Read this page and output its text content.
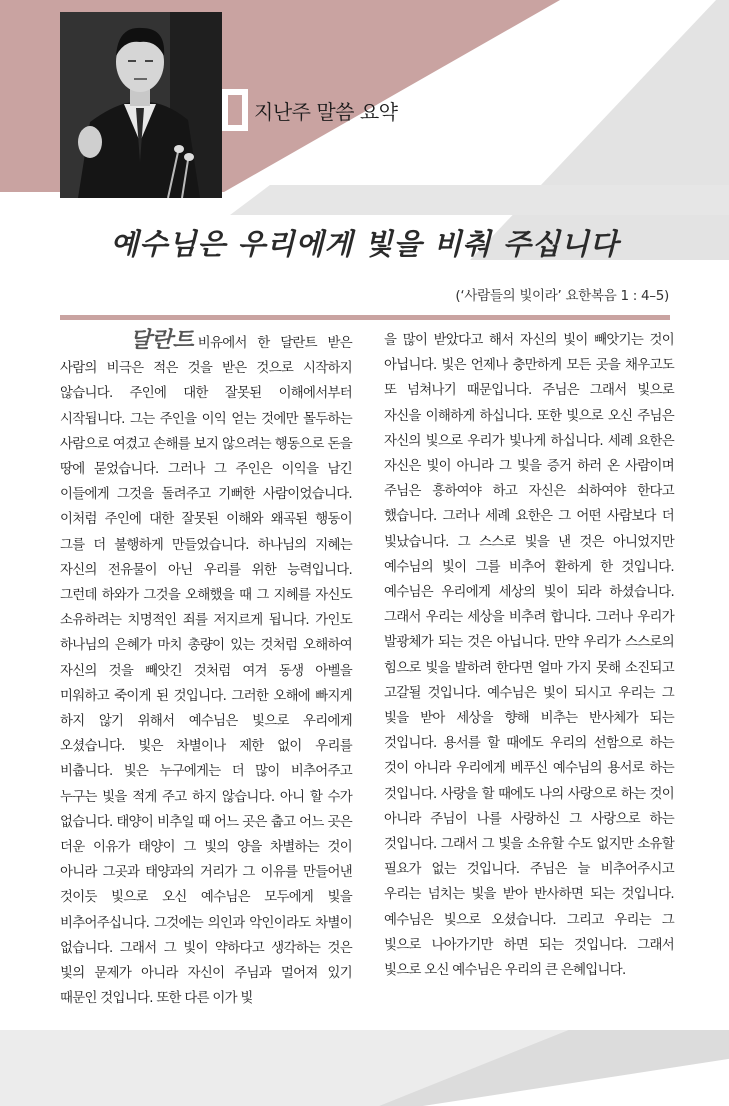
지난주 말씀 요약
예수님은 우리에게 빛을 비춰 주십니다
(‘사람들의 빛이라’ 요한복음 1 : 4–5)
달란트 비유에서 한 달란트 받은 사람의 비극은 적은 것을 받은 것으로 시작하지 않습니다. 주인에 대한 잘못된 이해에서부터 시작됩니다. 그는 주인을 이익 얻는 것에만 몰두하는 사람으로 여겼고 손해를 보지 않으려는 행동으로 돈을 땅에 묻었습니다. 그러나 그 주인은 이익을 남긴 이들에게 그것을 돌려주고 기뻐한 사람이었습니다. 이처럼 주인에 대한 잘못된 이해와 왜곡된 행동이 그를 더 불행하게 만들었습니다. 하나님의 지혜는 자신의 전유물이 아닌 우리를 위한 능력입니다. 그런데 하와가 그것을 오해했을 때 그 지혜를 자신도 소유하려는 치명적인 죄를 저지르게 됩니다. 가인도 하나님의 은혜가 마치 총량이 있는 것처럼 오해하여 자신의 것을 빼앗긴 것처럼 여겨 동생 아벨을 미워하고 죽이게 된 것입니다. 그러한 오해에 빠지게 하지 않기 위해서 예수님은 빛으로 우리에게 오셨습니다. 빛은 차별이나 제한 없이 우리를 비춥니다. 빛은 누구에게는 더 많이 비추어주고 누구는 빛을 적게 주고 하지 않습니다. 아니 할 수가 없습니다. 태양이 비추일 때 어느 곳은 춥고 어느 곳은 더운 이유가 태양이 그 빛의 양을 차별하는 것이 아니라 그곳과 태양과의 거리가 그 이유를 만들어낸 것이듯 빛으로 오신 예수님은 모두에게 빛을 비추어주십니다. 그것에는 의인과 악인이라도 차별이 없습니다. 그래서 그 빛이 약하다고 생각하는 것은 빛의 문제가 아니라 자신이 주님과 멀어져 있기 때문인 것입니다. 또한 다른 이가 빛
을 많이 받았다고 해서 자신의 빛이 빼앗기는 것이 아닙니다. 빛은 언제나 충만하게 모든 곳을 채우고도 또 넘쳐나기 때문입니다. 주님은 그래서 빛으로 자신을 이해하게 하십니다. 또한 빛으로 오신 주님은 자신의 빛으로 우리가 빛나게 하십니다. 세례 요한은 자신은 빛이 아니라 그 빛을 증거 하러 온 사람이며 주님은 흥하여야 하고 자신은 쇠하여야 한다고 했습니다. 그러나 세례 요한은 그 어떤 사람보다 더 빛났습니다. 그 스스로 빛을 낸 것은 아니었지만 예수님의 빛이 그를 비추어 환하게 한 것입니다. 예수님은 우리에게 세상의 빛이 되라 하셨습니다. 그래서 우리는 세상을 비추려 합니다. 그러나 우리가 발광체가 되는 것은 아닙니다. 만약 우리가 스스로의 힘으로 빛을 발하려 한다면 얼마 가지 못해 소진되고 고갈될 것입니다. 예수님은 빛이 되시고 우리는 그 빛을 받아 세상을 향해 비추는 반사체가 되는 것입니다. 용서를 할 때에도 우리의 선함으로 하는 것이 아니라 우리에게 베푸신 예수님의 용서로 하는 것입니다. 사랑을 할 때에도 나의 사랑으로 하는 것이 아니라 주님이 나를 사랑하신 그 사랑으로 하는 것입니다. 그래서 그 빛을 소유할 수도 없지만 소유할 필요가 없는 것입니다. 주님은 늘 비추어주시고 우리는 넘치는 빛을 받아 반사하면 되는 것입니다. 예수님은 빛으로 오셨습니다. 그리고 우리는 그 빛으로 나아가기만 하면 되는 것입니다. 그래서 빛으로 오신 예수님은 우리의 큰 은혜입니다.
